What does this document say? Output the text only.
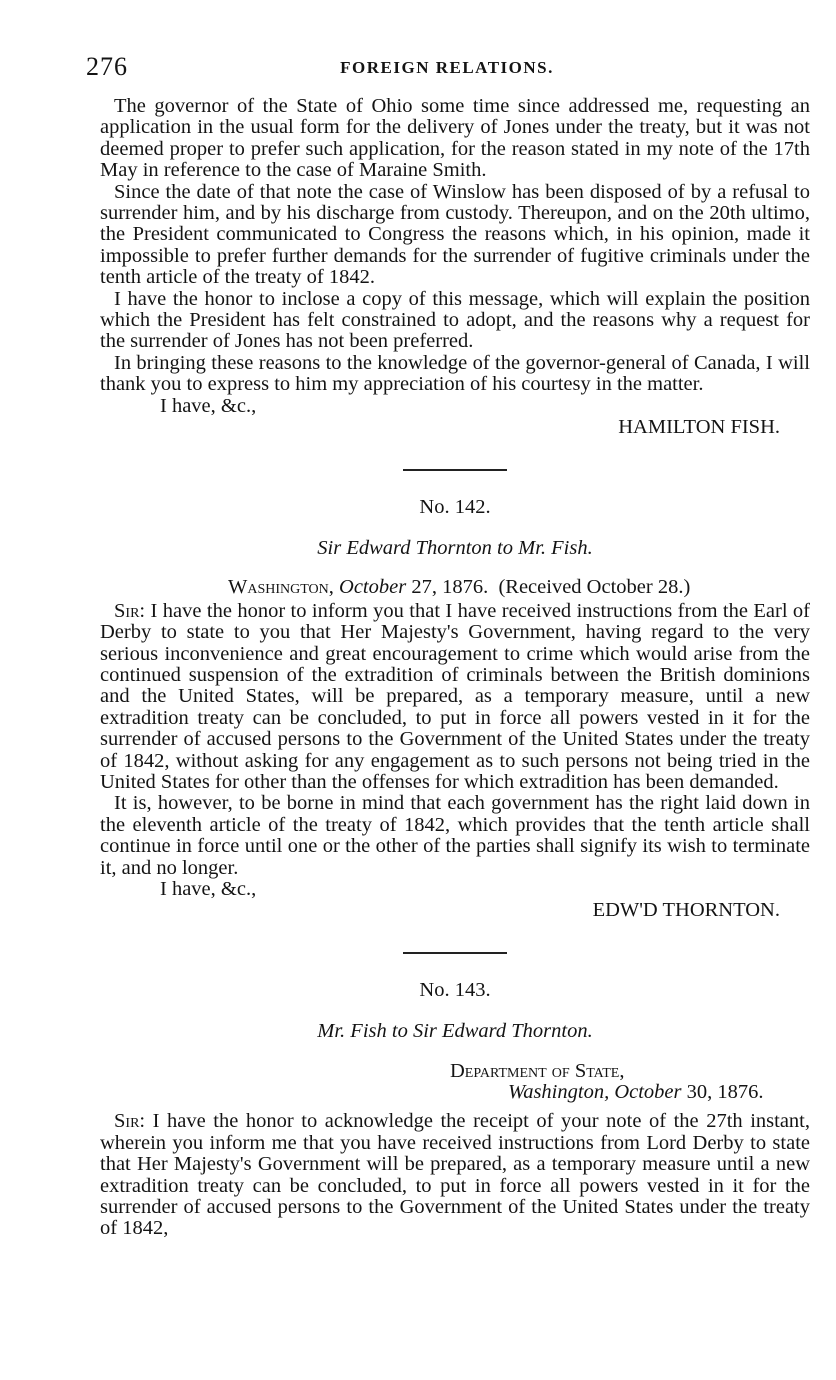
276	FOREIGN RELATIONS.

The governor of the State of Ohio some time since addressed me, requesting an application in the usual form for the delivery of Jones under the treaty, but it was not deemed proper to prefer such application, for the reason stated in my note of the 17th May in reference to the case of Maraine Smith.

Since the date of that note the case of Winslow has been disposed of by a refusal to surrender him, and by his discharge from custody. Thereupon, and on the 20th ultimo, the President communicated to Congress the reasons which, in his opinion, made it impossible to prefer further demands for the surrender of fugitive criminals under the tenth article of the treaty of 1842.

I have the honor to inclose a copy of this message, which will explain the position which the President has felt constrained to adopt, and the reasons why a request for the surrender of Jones has not been preferred.

In bringing these reasons to the knowledge of the governor-general of Canada, I will thank you to express to him my appreciation of his courtesy in the matter.

I have, &c.,
HAMILTON FISH.
No. 142.
Sir Edward Thornton to Mr. Fish.
Washington, October 27, 1876. (Received October 28.)

Sir: I have the honor to inform you that I have received instructions from the Earl of Derby to state to you that Her Majesty's Government, having regard to the very serious inconvenience and great encouragement to crime which would arise from the continued suspension of the extradition of criminals between the British dominions and the United States, will be prepared, as a temporary measure, until a new extradition treaty can be concluded, to put in force all powers vested in it for the surrender of accused persons to the Government of the United States under the treaty of 1842, without asking for any engagement as to such persons not being tried in the United States for other than the offenses for which extradition has been demanded.

It is, however, to be borne in mind that each government has the right laid down in the eleventh article of the treaty of 1842, which provides that the tenth article shall continue in force until one or the other of the parties shall signify its wish to terminate it, and no longer.

I have, &c.,
EDW'D THORNTON.
No. 143.
Mr. Fish to Sir Edward Thornton.
Department of State,
Washington, October 30, 1876.

Sir: I have the honor to acknowledge the receipt of your note of the 27th instant, wherein you inform me that you have received instructions from Lord Derby to state that Her Majesty's Government will be prepared, as a temporary measure until a new extradition treaty can be concluded, to put in force all powers vested in it for the surrender of accused persons to the Government of the United States under the treaty of 1842,
